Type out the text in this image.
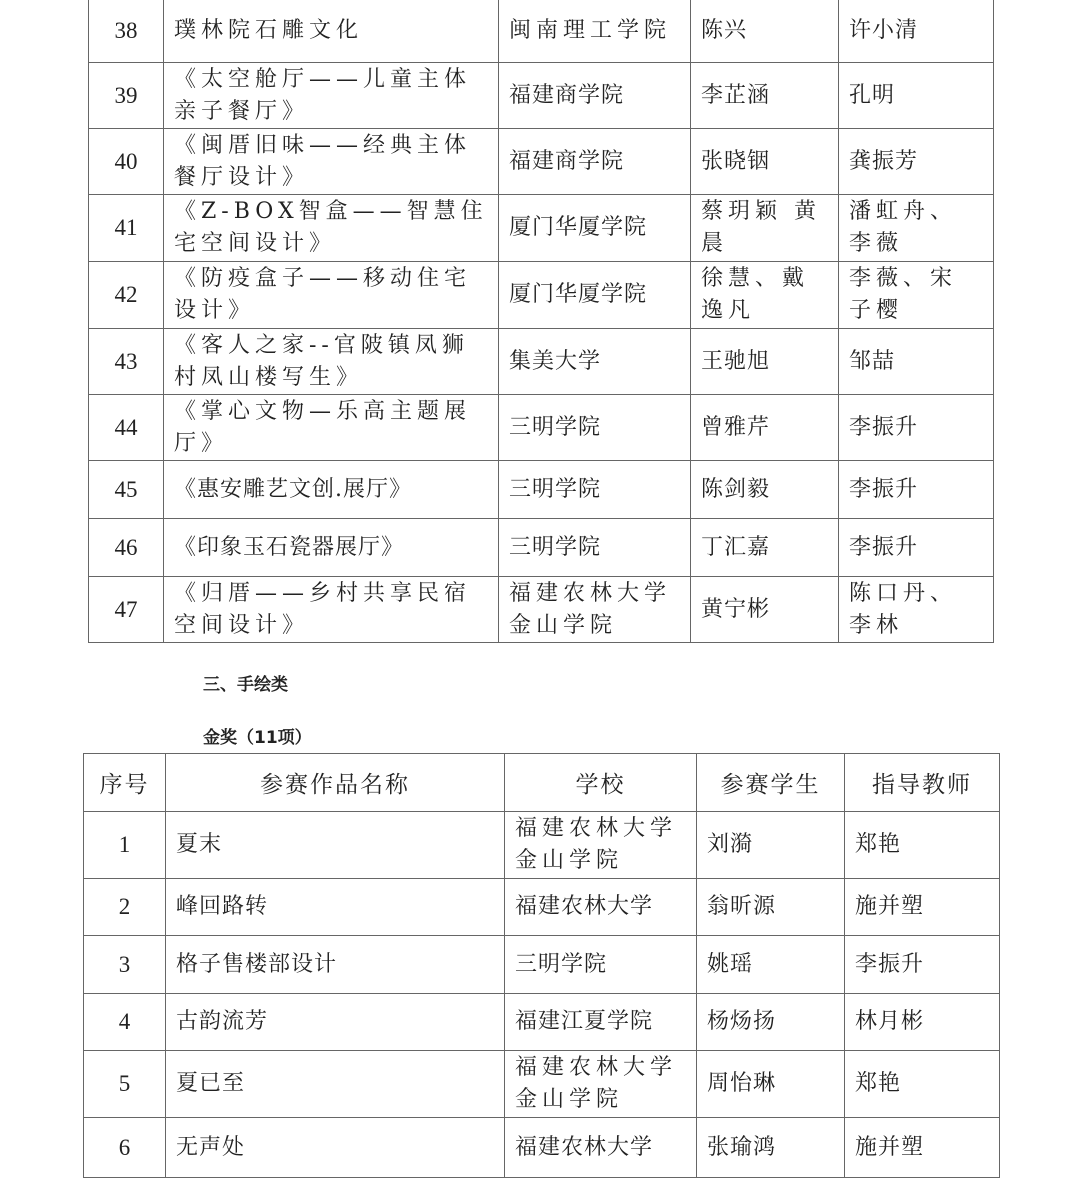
38	璞林院石雕文化	闽南理工学院	陈兴	许小清
39	《太空舱厅——儿童主体亲子餐厅》	福建商学院	李芷涵	孔明
40	《闽厝旧味——经典主体餐厅设计》	福建商学院	张晓铟	龚振芳
41	《Z-BOX智盒——智慧住宅空间设计》	厦门华厦学院	蔡玥颖 黄晨	潘虹舟、李薇
42	《防疫盒子——移动住宅设计》	厦门华厦学院	徐慧、戴逸凡	李薇、宋子樱
43	《客人之家--官陂镇凤狮村凤山楼写生》	集美大学	王驰旭	邹喆
44	《掌心文物—乐高主题展厅》	三明学院	曾雅芹	李振升
45	《惠安雕艺文创.展厅》	三明学院	陈剑毅	李振升
46	《印象玉石瓷器展厅》	三明学院	丁汇嘉	李振升
47	《归厝——乡村共享民宿空间设计》	福建农林大学金山学院	黄宁彬	陈口丹、李林
三、手绘类
金奖（11项）
序号	参赛作品名称	学校	参赛学生	指导教师
1	夏末	福建农林大学金山学院	刘漪	郑艳
2	峰回路转	福建农林大学	翁昕源	施并塑
3	格子售楼部设计	三明学院	姚瑶	李振升
4	古韵流芳	福建江夏学院	杨炀扬	林月彬
5	夏已至	福建农林大学金山学院	周怡琳	郑艳
6	无声处	福建农林大学	张瑜鸿	施并塑
